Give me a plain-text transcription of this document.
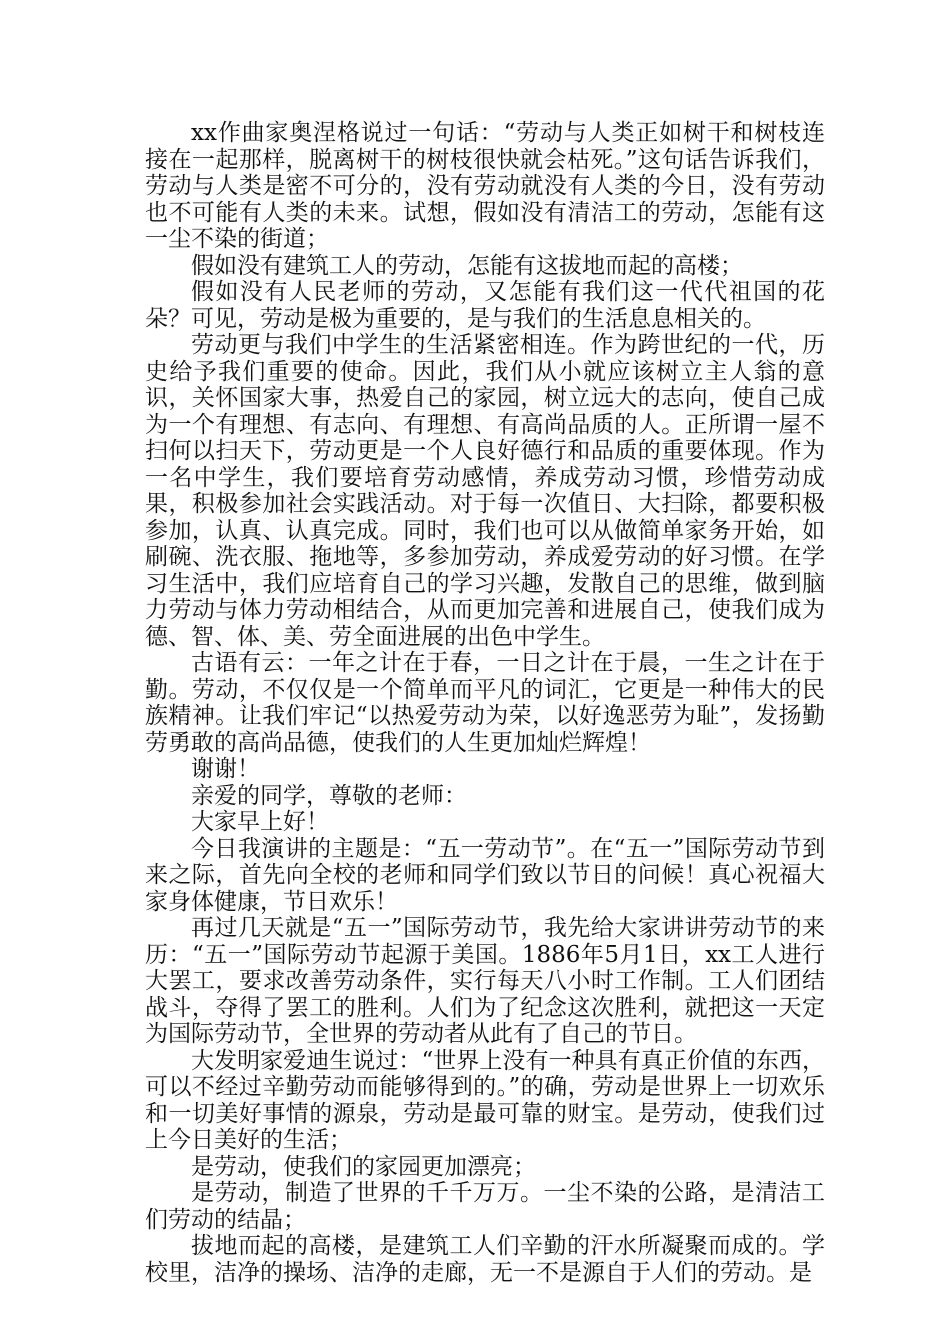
xx作曲家奥涅格说过一句话：“劳动与人类正如树干和树枝连接在一起那样，脱离树干的树枝很快就会枯死。”这句话告诉我们，劳动与人类是密不可分的，没有劳动就没有人类的今日，没有劳动也不可能有人类的未来。试想，假如没有清洁工的劳动，怎能有这一尘不染的街道；

假如没有建筑工人的劳动，怎能有这拔地而起的高楼；

假如没有人民老师的劳动，又怎能有我们这一代代祖国的花朵？可见，劳动是极为重要的，是与我们的生活息息相关的。

劳动更与我们中学生的生活紧密相连。作为跨世纪的一代，历史给予我们重要的使命。因此，我们从小就应该树立主人翁的意识，关怀国家大事，热爱自己的家园，树立远大的志向，使自己成为一个有理想、有志向、有理想、有高尚品质的人。正所谓一屋不扫何以扫天下，劳动更是一个人良好德行和品质的重要体现。作为一名中学生，我们要培育劳动感情，养成劳动习惯，珍惜劳动成果，积极参加社会实践活动。对于每一次值日、大扫除，都要积极参加，认真、认真完成。同时，我们也可以从做简单家务开始，如刷碗、洗衣服、拖地等，多参加劳动，养成爱劳动的好习惯。在学习生活中，我们应培育自己的学习兴趣，发散自己的思维，做到脑力劳动与体力劳动相结合，从而更加完善和进展自己，使我们成为德、智、体、美、劳全面进展的出色中学生。

古语有云：一年之计在于春，一日之计在于晨，一生之计在于勤。劳动，不仅仅是一个简单而平凡的词汇，它更是一种伟大的民族精神。让我们牢记“以热爱劳动为荣，以好逸恶劳为耻”，发扬勤劳勇敢的高尚品德，使我们的人生更加灿烂辉煌！

谢谢！

亲爱的同学，尊敬的老师：

大家早上好！

今日我演讲的主题是：“五一劳动节”。在“五一”国际劳动节到来之际，首先向全校的老师和同学们致以节日的问候！真心祝福大家身体健康，节日欢乐！

再过几天就是“五一”国际劳动节，我先给大家讲讲劳动节的来历：“五一”国际劳动节起源于美国。1886年5月1日，xx工人进行大罢工，要求改善劳动条件，实行每天八小时工作制。工人们团结战斗，夺得了罢工的胜利。人们为了纪念这次胜利，就把这一天定为国际劳动节，全世界的劳动者从此有了自己的节日。

大发明家爱迪生说过：“世界上没有一种具有真正价值的东西，可以不经过辛勤劳动而能够得到的。”的确，劳动是世界上一切欢乐和一切美好事情的源泉，劳动是最可靠的财宝。是劳动，使我们过上今日美好的生活；

是劳动，使我们的家园更加漂亮；

是劳动，制造了世界的千千万万。一尘不染的公路，是清洁工们劳动的结晶；

拔地而起的高楼，是建筑工人们辛勤的汗水所凝聚而成的。学校里，洁净的操场、洁净的走廊，无一不是源自于人们的劳动。是
